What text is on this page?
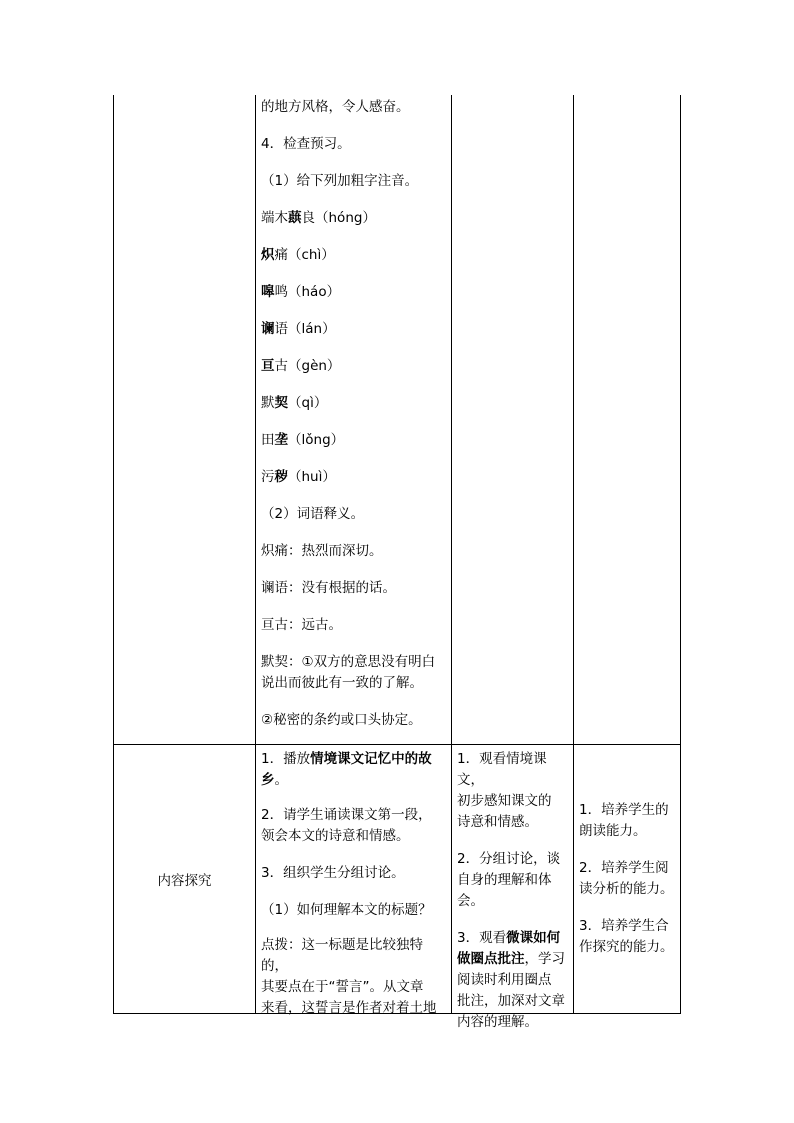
的地方风格，令人感奋。

4．检查预习。

（1）给下列加粗字注音。

端木蕻良（hóng）

炽痛（chì）

嗥鸣（háo）

谰语（lán）

亘古（gèn）

默契（qì）

田垄（lǒng）

污秽（huì）

（2）词语释义。

炽痛：热烈而深切。

谰语：没有根据的话。

亘古：远古。

默契：①双方的意思没有明白

说出而彼此有一致的了解。

②秘密的条约或口头协定。

内容探究

1．播放情境课文记忆中的故

乡。

2．请学生诵读课文第一段，

领会本文的诗意和情感。

3．组织学生分组讨论。

（1）如何理解本文的标题？

点拨：这一标题是比较独特的，

其要点在于“誓言”。从文章

来看，这誓言是作者对着土地

1．观看情境课文，

初步感知课文的

诗意和情感。

2．分组讨论，谈

自身的理解和体

会。

3．观看微课如何

做圈点批注，学习

阅读时利用圈点

批注，加深对文章

内容的理解。

1．培养学生的

朗读能力。

2．培养学生阅

读分析的能力。

3．培养学生合

作探究的能力。
